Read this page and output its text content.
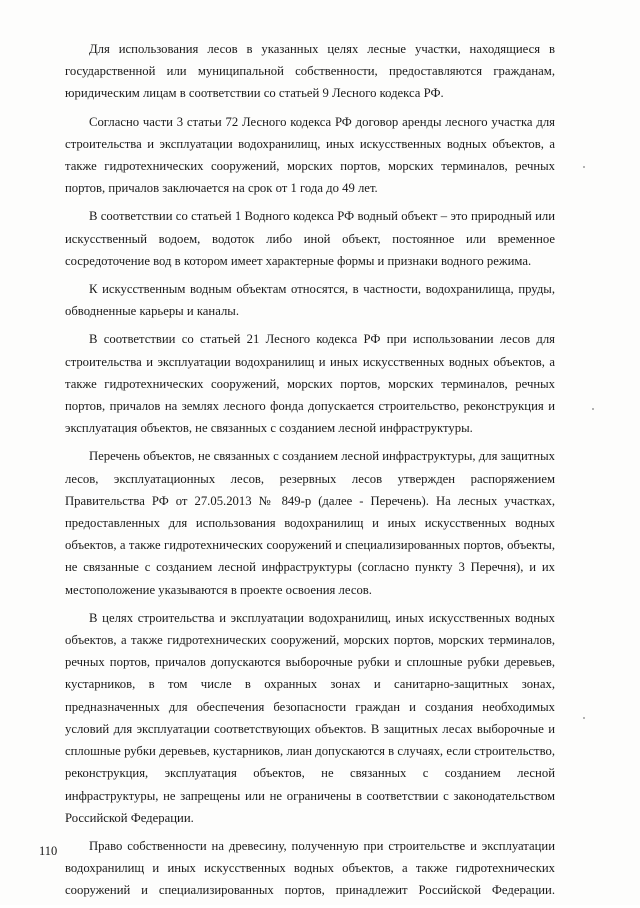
Для использования лесов в указанных целях лесные участки, находящиеся в государственной или муниципальной собственности, предоставляются гражданам, юридическим лицам в соответствии со статьей 9 Лесного кодекса РФ.

Согласно части 3 статьи 72 Лесного кодекса РФ договор аренды лесного участка для строительства и эксплуатации водохранилищ, иных искусственных водных объектов, а также гидротехнических сооружений, морских портов, морских терминалов, речных портов, причалов заключается на срок от 1 года до 49 лет.

В соответствии со статьей 1 Водного кодекса РФ водный объект – это природный или искусственный водоем, водоток либо иной объект, постоянное или временное сосредоточение вод в котором имеет характерные формы и признаки водного режима.

К искусственным водным объектам относятся, в частности, водохранилища, пруды, обводненные карьеры и каналы.

В соответствии со статьей 21 Лесного кодекса РФ при использовании лесов для строительства и эксплуатации водохранилищ и иных искусственных водных объектов, а также гидротехнических сооружений, морских портов, морских терминалов, речных портов, причалов на землях лесного фонда допускается строительство, реконструкция и эксплуатация объектов, не связанных с созданием лесной инфраструктуры.

Перечень объектов, не связанных с созданием лесной инфраструктуры, для защитных лесов, эксплуатационных лесов, резервных лесов утвержден распоряжением Правительства РФ от 27.05.2013 № 849-р (далее - Перечень). На лесных участках, предоставленных для использования водохранилищ и иных искусственных водных объектов, а также гидротехнических сооружений и специализированных портов, объекты, не связанные с созданием лесной инфраструктуры (согласно пункту 3 Перечня), и их местоположение указываются в проекте освоения лесов.

В целях строительства и эксплуатации водохранилищ, иных искусственных водных объектов, а также гидротехнических сооружений, морских портов, морских терминалов, речных портов, причалов допускаются выборочные рубки и сплошные рубки деревьев, кустарников, в том числе в охранных зонах и санитарно-защитных зонах, предназначенных для обеспечения безопасности граждан и создания необходимых условий для эксплуатации соответствующих объектов. В защитных лесах выборочные и сплошные рубки деревьев, кустарников, лиан допускаются в случаях, если строительство, реконструкция, эксплуатация объектов, не связанных с созданием лесной инфраструктуры, не запрещены или не ограничены в соответствии с законодательством Российской Федерации.

Право собственности на древесину, полученную при строительстве и эксплуатации водохранилищ и иных искусственных водных объектов, а также гидротехнических сооружений и специализированных портов, принадлежит Российской Федерации.

110
